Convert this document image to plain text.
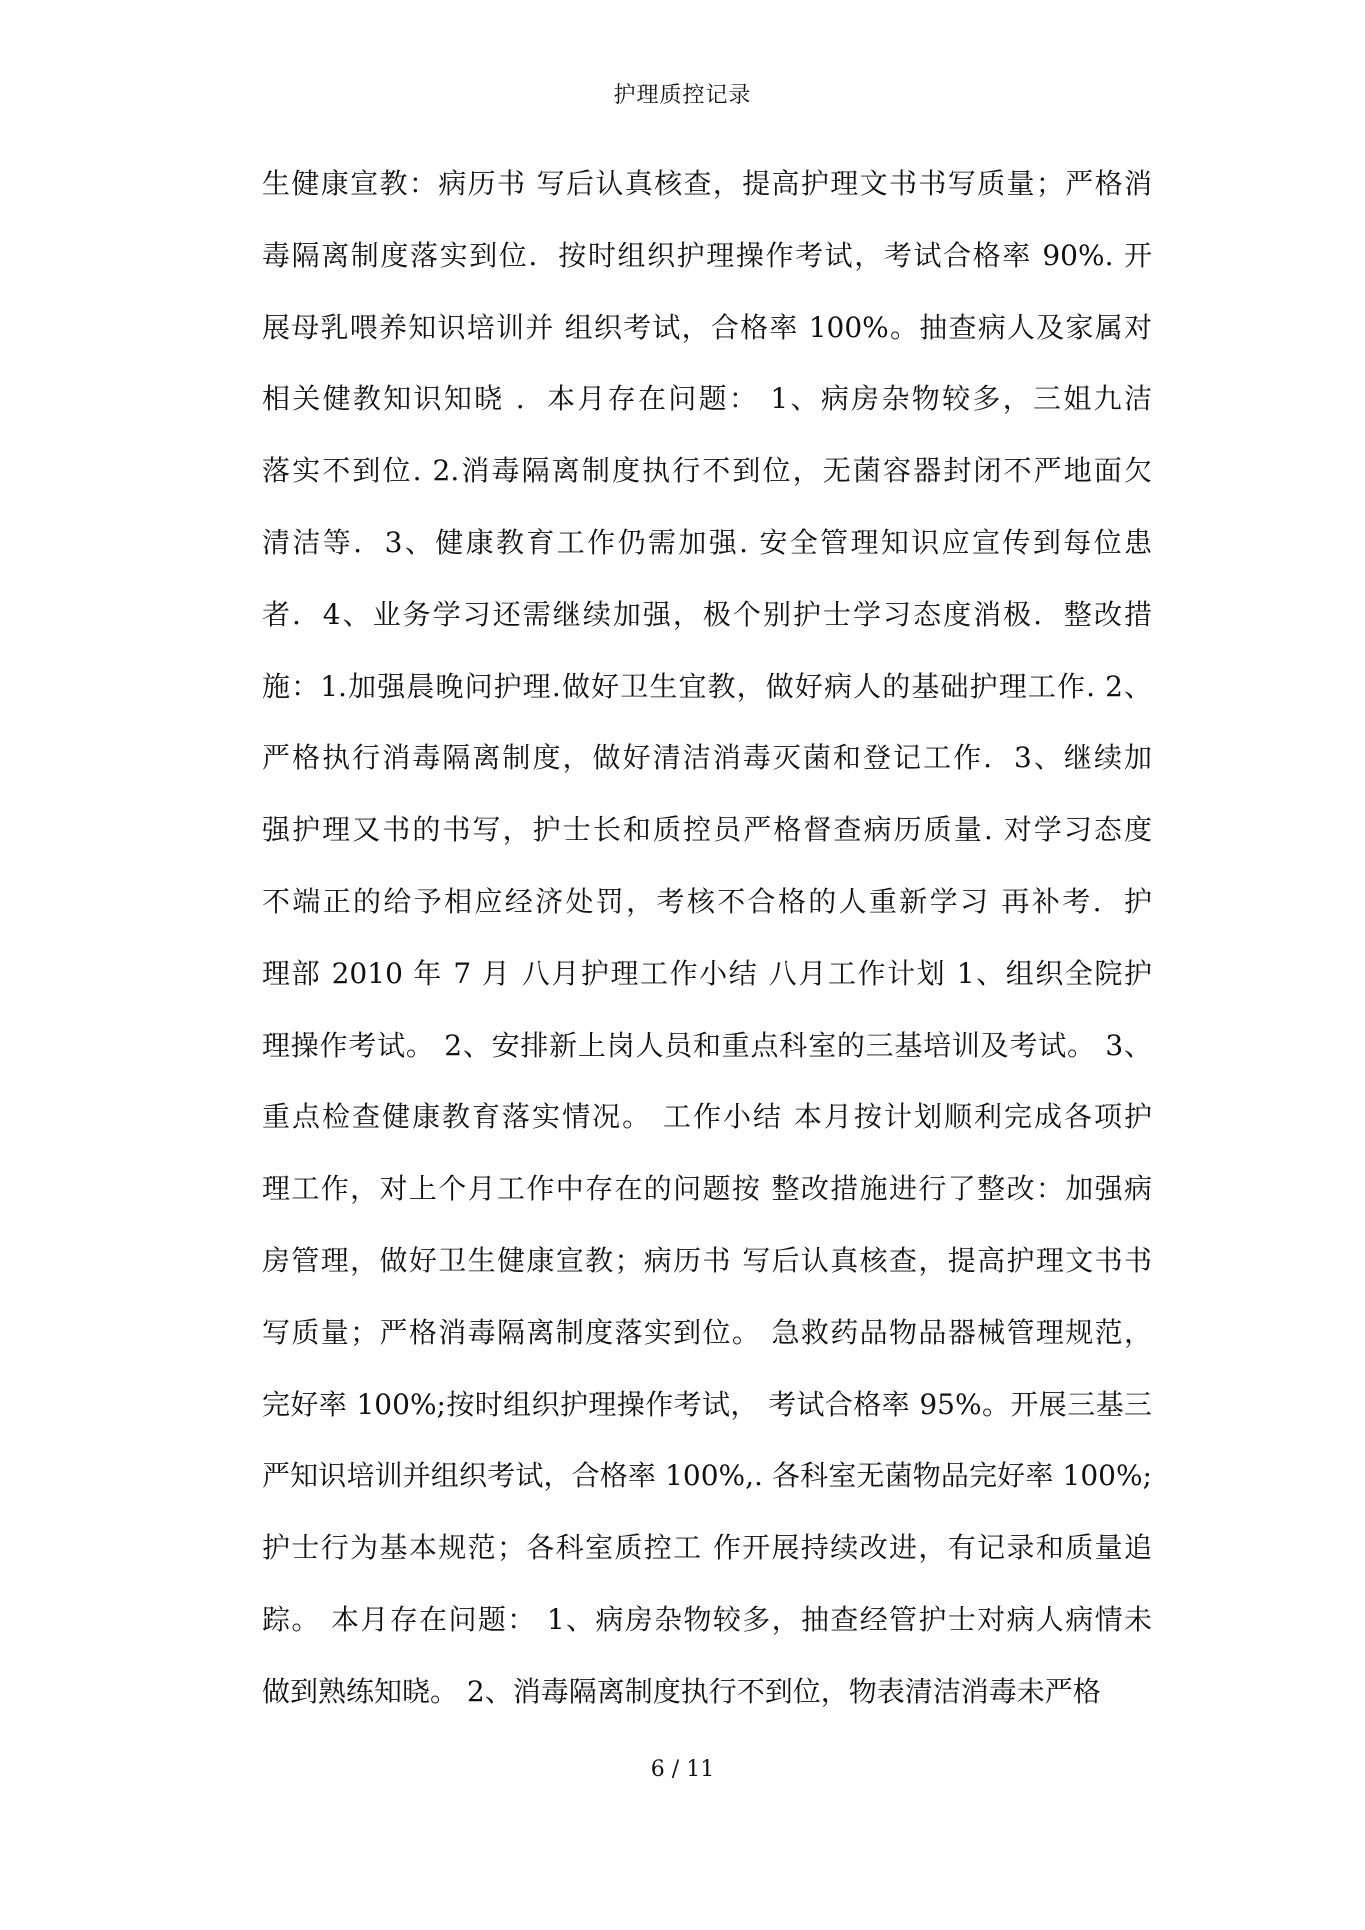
护理质控记录
生健康宣教：病历书 写后认真核查，提高护理文书书写质量；严格消
毒隔离制度落实到位.  按时组织护理操作考试，考试合格率 90%. 开
展母乳喂养知识培训并 组织考试，合格率 100%。抽查病人及家属对
相关健教知识知晓 .  本月存在问题： 1、病房杂物较多，三姐九洁
落实不到位. 2.消毒隔离制度执行不到位，无菌容器封闭不严地面欠
清洁等.  3、健康教育工作仍需加强. 安全管理知识应宣传到每位患
者.  4、业务学习还需继续加强，极个别护士学习态度消极.  整改措
施：1.加强晨晚问护理.做好卫生宜教，做好病人的基础护理工作. 2、
严格执行消毒隔离制度，做好清洁消毒灭菌和登记工作.  3、继续加
强护理又书的书写，护士长和质控员严格督查病历质量. 对学习态度
不端正的给予相应经济处罚，考核不合格的人重新学习 再补考.  护
理部 2010 年 7 月 八月护理工作小结 八月工作计划 1、组织全院护
理操作考试。 2、安排新上岗人员和重点科室的三基培训及考试。 3、
重点检查健康教育落实情况。 工作小结 本月按计划顺利完成各项护
理工作，对上个月工作中存在的问题按 整改措施进行了整改：加强病
房管理，做好卫生健康宣教；病历书 写后认真核查，提高护理文书书
写质量；严格消毒隔离制度落实到位。 急救药品物品器械管理规范，
完好率 100%;按时组织护理操作考试， 考试合格率 95%。开展三基三
严知识培训并组织考试，合格率 100%,. 各科室无菌物品完好率 100%;
护士行为基本规范；各科室质控工 作开展持续改进，有记录和质量追
踪。 本月存在问题： 1、病房杂物较多，抽查经管护士对病人病情未
做到熟练知晓。 2、消毒隔离制度执行不到位，物表清洁消毒未严格
6 / 11
